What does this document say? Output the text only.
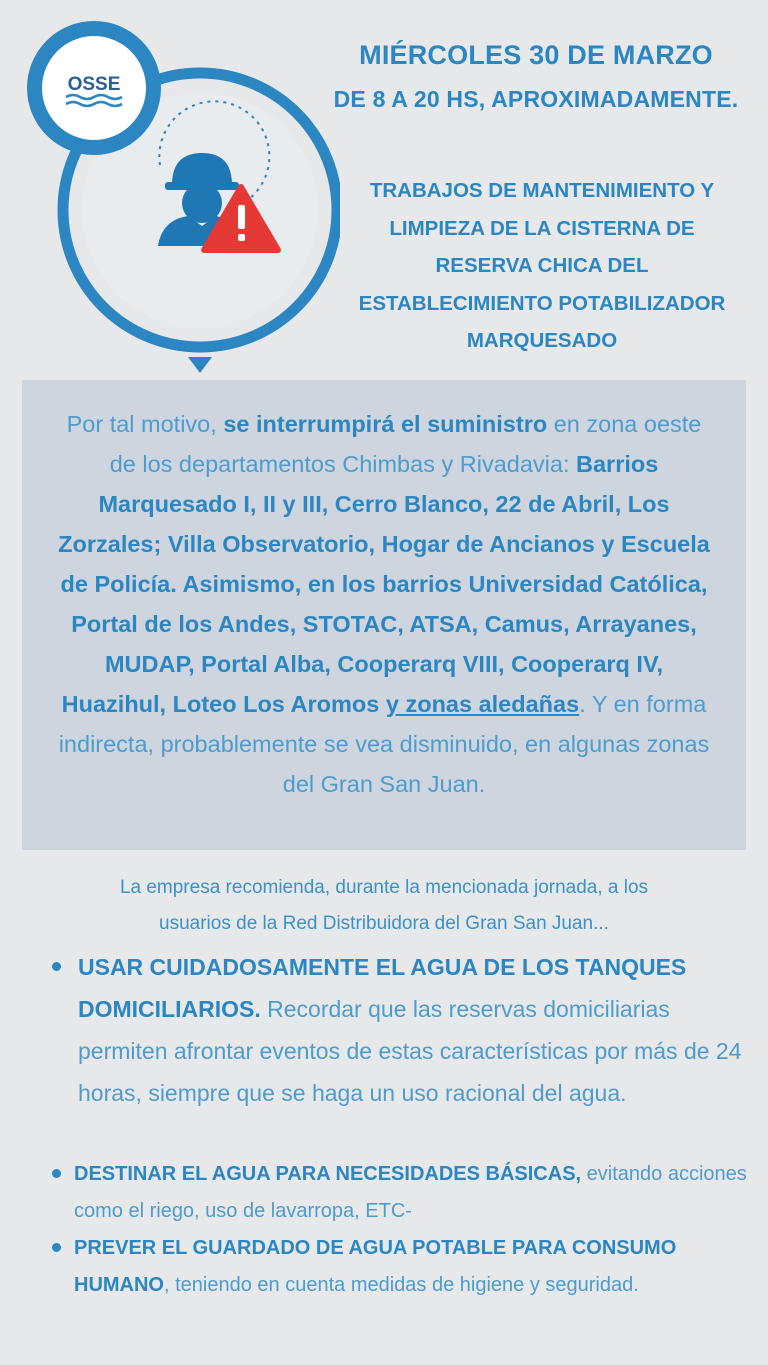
OSSE
MIÉRCOLES 30 DE MARZO
DE 8 A 20 HS, APROXIMADAMENTE.
TRABAJOS DE MANTENIMIENTO Y
LIMPIEZA DE LA CISTERNA DE
RESERVA CHICA DEL
ESTABLECIMIENTO POTABILIZADOR
MARQUESADO
Por tal motivo, se interrumpirá el suministro en zona oeste de los departamentos Chimbas y Rivadavia: Barrios Marquesado I, II y III, Cerro Blanco, 22 de Abril, Los Zorzales; Villa Observatorio, Hogar de Ancianos y Escuela de Policía. Asimismo, en los barrios Universidad Católica, Portal de los Andes, STOTAC, ATSA, Camus, Arrayanes, MUDAP, Portal Alba, Cooperarq VIII, Cooperarq IV, Huazihul, Loteo Los Aromos y zonas aledañas. Y en forma indirecta, probablemente se vea disminuido, en algunas zonas del Gran San Juan.
La empresa recomienda, durante la mencionada jornada, a los
usuarios de la Red Distribuidora del Gran San Juan...
USAR CUIDADOSAMENTE EL AGUA DE LOS TANQUES DOMICILIARIOS. Recordar que las reservas domiciliarias permiten afrontar eventos de estas características por más de 24 horas, siempre que se haga un uso racional del agua.
DESTINAR EL AGUA PARA NECESIDADES BÁSICAS, evitando acciones como el riego, uso de lavarropa, ETC-
PREVER EL GUARDADO DE AGUA POTABLE PARA CONSUMO HUMANO, teniendo en cuenta medidas de higiene y seguridad.
